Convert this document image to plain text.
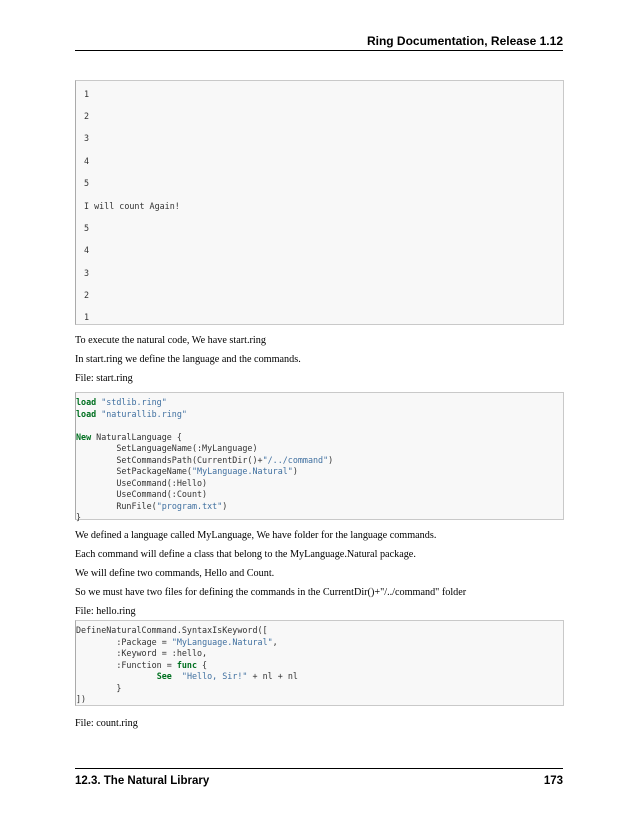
Ring Documentation, Release 1.12
1
2
3
4
5
I will count Again!
5
4
3
2
1
To execute the natural code, We have start.ring
In start.ring we define the language and the commands.
File: start.ring
load "stdlib.ring"
load "naturallib.ring"

New NaturalLanguage {
SetLanguageName(:MyLanguage)
SetCommandsPath(CurrentDir()+"/../command")
SetPackageName("MyLanguage.Natural")
UseCommand(:Hello)
UseCommand(:Count)
RunFile("program.txt")
}
We defined a language called MyLanguage, We have folder for the language commands.
Each command will define a class that belong to the MyLanguage.Natural package.
We will define two commands, Hello and Count.
So we must have two files for defining the commands in the CurrentDir()+"/../command" folder
File: hello.ring
DefineNaturalCommand.SyntaxIsKeyword([
:Package = "MyLanguage.Natural",
:Keyword = :hello,
:Function = func {
See "Hello, Sir!" + nl + nl
}
])
File: count.ring
12.3. The Natural Library	173
